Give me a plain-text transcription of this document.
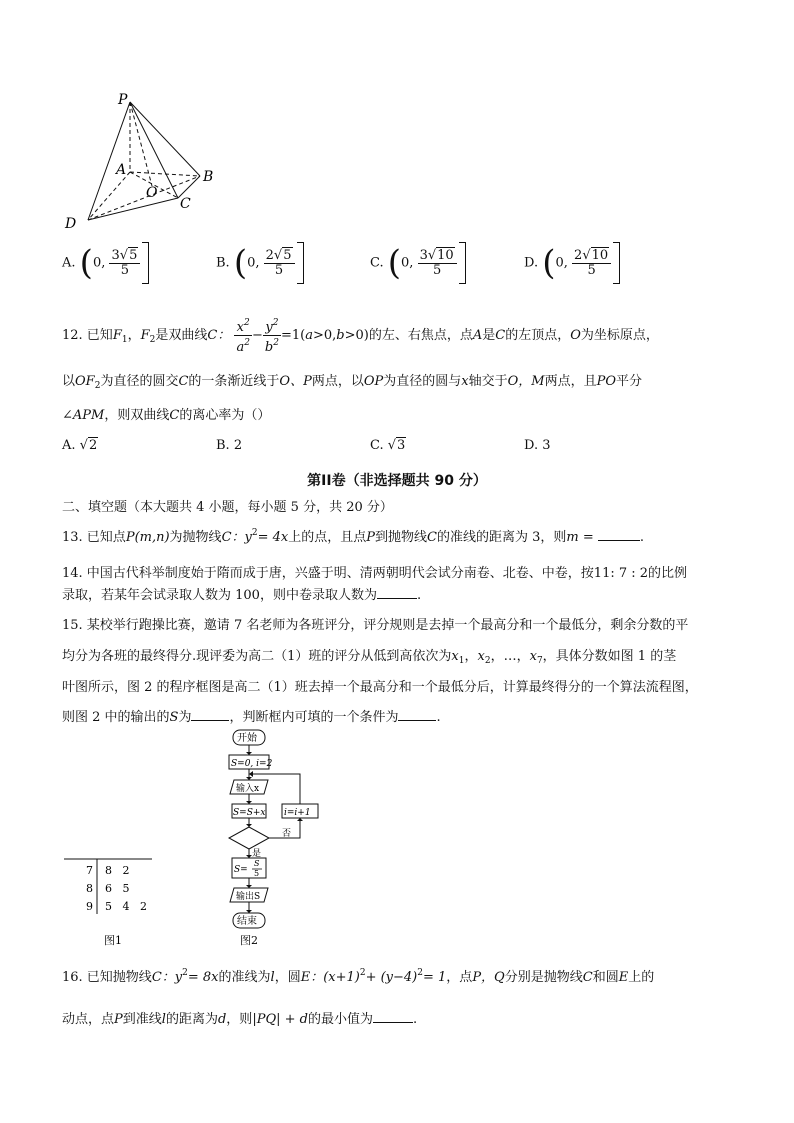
P
A	B
O
C
D
A. (0, $\frac{3√5}{5}$	B. (0, $\frac{2√5}{5}$	C. (0, $\frac{3√10}{5}$	D. (0, $\frac{2√10}{5}$
12. 已知$F_1$，$F_2$是双曲线C： $\frac{x^2}{a^2} - \frac{y^2}{b^2} =1(a>0,b>0)$的左、右焦点，点A是C的左顶点，O为坐标原点，
以$OF_2$为直径的圆交C的一条渐近线于O、P两点，以OP为直径的圆与x轴交于O，M两点，且PO平分
∠APM，则双曲线C的离心率为（）
A. √2	B. 2	C. √3	D. 3
第II卷（非选择题共 90 分）
二、填空题（本大题共 4 小题，每小题 5 分，共 20 分）
13. 已知点P(m,n)为抛物线C：$y^2= 4x$上的点，且点P到抛物线C的准线的距离为 3，则m =	.
14. 中国古代科举制度始于隋而成于唐，兴盛于明、清两朝明代会试分南卷、北卷、中卷，按11: 7 : 2的比例
录取，若某年会试录取人数为 100，则中卷录取人数为	.
15. 某校举行跑操比赛，邀请 7 名老师为各班评分，评分规则是去掉一个最高分和一个最低分，剩余分数的平
均分为各班的最终得分.现评委为高二（1）班的评分从低到高依次为$x_1$，$x_2$，…，$x_7$，具体分数如图 1 的茎
叶图所示，图 2 的程序框图是高二（1）班去掉一个最高分和一个最低分后，计算最终得分的一个算法流程图，
则图 2 中的输出的S为	，判断框内可填的一个条件为	.
7 8   2
8 6   5
9 5   4   2
图1
开始
S=0, i=2
输入x
S=S+x i=i+1
否
是
S=
S
5
输出S
结束
图2
16. 已知抛物线C：$y^2= 8x$的准线为l，圆E：$(x+1)^2+ (y-4)^2= 1$，点P，Q分别是抛物线C和圆E上的
动点，点P到准线l的距离为d，则|PQ| + d的最小值为	.
